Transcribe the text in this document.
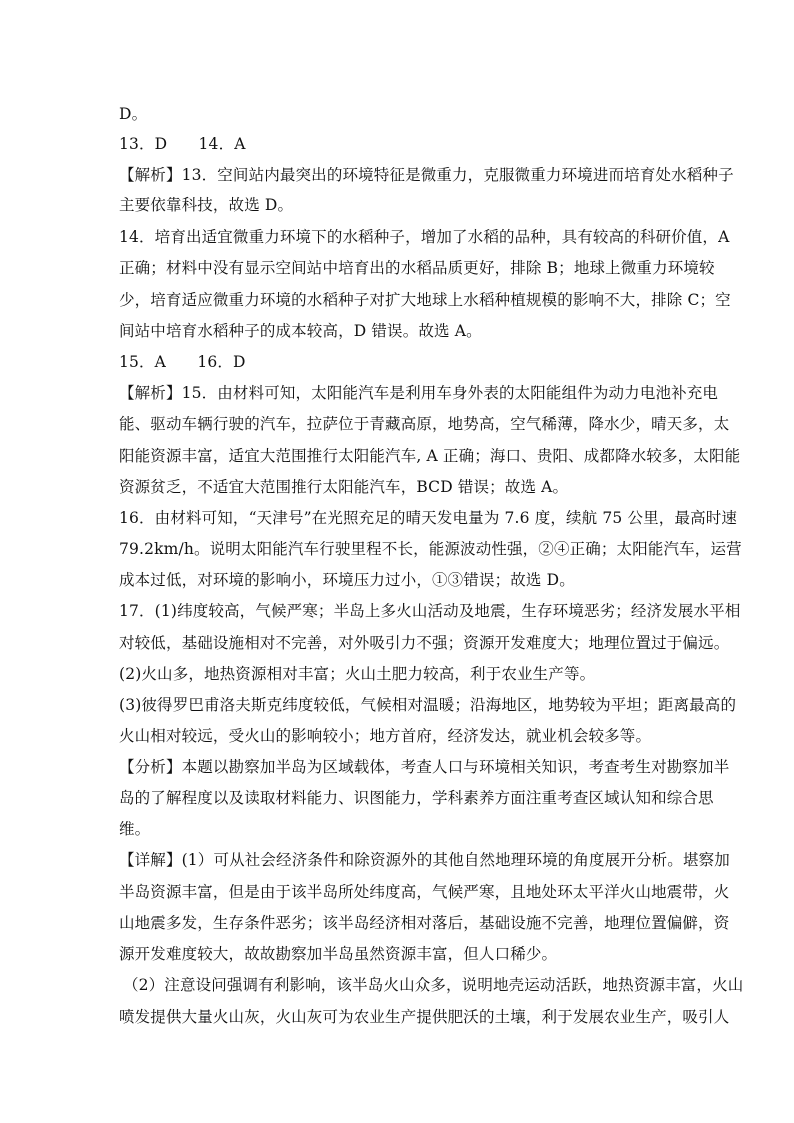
D。
13．D　　14．A
【解析】13．空间站内最突出的环境特征是微重力，克服微重力环境进而培育处水稻种子
主要依靠科技，故选 D。
14．培育出适宜微重力环境下的水稻种子，增加了水稻的品种，具有较高的科研价值，A
正确；材料中没有显示空间站中培育出的水稻品质更好，排除 B；地球上微重力环境较
少，培育适应微重力环境的水稻种子对扩大地球上水稻种植规模的影响不大，排除 C；空
间站中培育水稻种子的成本较高，D 错误。故选 A。
15．A　　16．D
【解析】15．由材料可知，太阳能汽车是利用车身外表的太阳能组件为动力电池补充电
能、驱动车辆行驶的汽车，拉萨位于青藏高原，地势高，空气稀薄，降水少，晴天多，太
阳能资源丰富，适宜大范围推行太阳能汽车, A 正确；海口、贵阳、成都降水较多，太阳能
资源贫乏，不适宜大范围推行太阳能汽车，BCD 错误；故选 A。
16．由材料可知，“天津号”在光照充足的晴天发电量为 7.6 度，续航 75 公里，最高时速
79.2km/h。说明太阳能汽车行驶里程不长，能源波动性强，②④正确；太阳能汽车，运营
成本过低，对环境的影响小，环境压力过小，①③错误；故选 D。
17．(1)纬度较高，气候严寒；半岛上多火山活动及地震，生存环境恶劣；经济发展水平相
对较低，基础设施相对不完善，对外吸引力不强；资源开发难度大；地理位置过于偏远。
(2)火山多，地热资源相对丰富；火山土肥力较高，利于农业生产等。
(3)彼得罗巴甫洛夫斯克纬度较低，气候相对温暖；沿海地区，地势较为平坦；距离最高的
火山相对较远，受火山的影响较小；地方首府，经济发达，就业机会较多等。
【分析】本题以勘察加半岛为区域载体，考查人口与环境相关知识，考查考生对勘察加半
岛的了解程度以及读取材料能力、识图能力，学科素养方面注重考查区域认知和综合思
维。
【详解】(1）可从社会经济条件和除资源外的其他自然地理环境的角度展开分析。堪察加
半岛资源丰富，但是由于该半岛所处纬度高，气候严寒，且地处环太平洋火山地震带，火
山地震多发，生存条件恶劣；该半岛经济相对落后，基础设施不完善，地理位置偏僻，资
源开发难度较大，故故勘察加半岛虽然资源丰富，但人口稀少。
（2）注意设问强调有利影响，该半岛火山众多，说明地壳运动活跃，地热资源丰富，火山
喷发提供大量火山灰，火山灰可为农业生产提供肥沃的土壤，利于发展农业生产，吸引人
